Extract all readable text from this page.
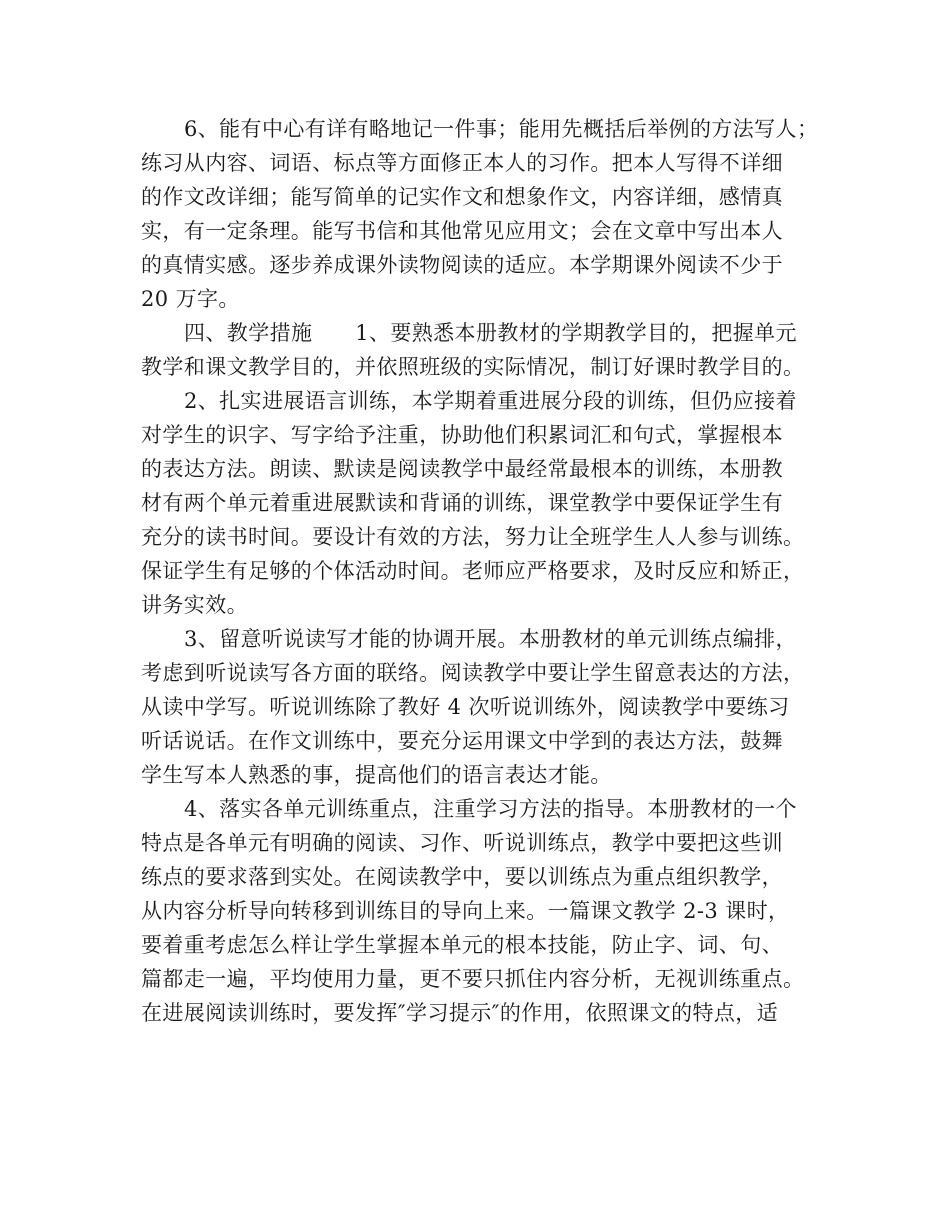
6、能有中心有详有略地记一件事；能用先概括后举例的方法写人；
练习从内容、词语、标点等方面修正本人的习作。把本人写得不详细
的作文改详细；能写简单的记实作文和想象作文，内容详细，感情真
实，有一定条理。能写书信和其他常见应用文；会在文章中写出本人
的真情实感。逐步养成课外读物阅读的适应。本学期课外阅读不少于
20 万字。
四、教学措施　　1、要熟悉本册教材的学期教学目的，把握单元
教学和课文教学目的，并依照班级的实际情况，制订好课时教学目的。
2、扎实进展语言训练，本学期着重进展分段的训练，但仍应接着
对学生的识字、写字给予注重，协助他们积累词汇和句式，掌握根本
的表达方法。朗读、默读是阅读教学中最经常最根本的训练，本册教
材有两个单元着重进展默读和背诵的训练，课堂教学中要保证学生有
充分的读书时间。要设计有效的方法，努力让全班学生人人参与训练。
保证学生有足够的个体活动时间。老师应严格要求，及时反应和矫正，
讲务实效。
3、留意听说读写才能的协调开展。本册教材的单元训练点编排，
考虑到听说读写各方面的联络。阅读教学中要让学生留意表达的方法，
从读中学写。听说训练除了教好 4 次听说训练外，阅读教学中要练习
听话说话。在作文训练中，要充分运用课文中学到的表达方法，鼓舞
学生写本人熟悉的事，提高他们的语言表达才能。
4、落实各单元训练重点，注重学习方法的指导。本册教材的一个
特点是各单元有明确的阅读、习作、听说训练点，教学中要把这些训
练点的要求落到实处。在阅读教学中，要以训练点为重点组织教学，
从内容分析导向转移到训练目的导向上来。一篇课文教学 2-3 课时，
要着重考虑怎么样让学生掌握本单元的根本技能，防止字、词、句、
篇都走一遍，平均使用力量，更不要只抓住内容分析，无视训练重点。
在进展阅读训练时，要发挥″学习提示″的作用，依照课文的特点，适
